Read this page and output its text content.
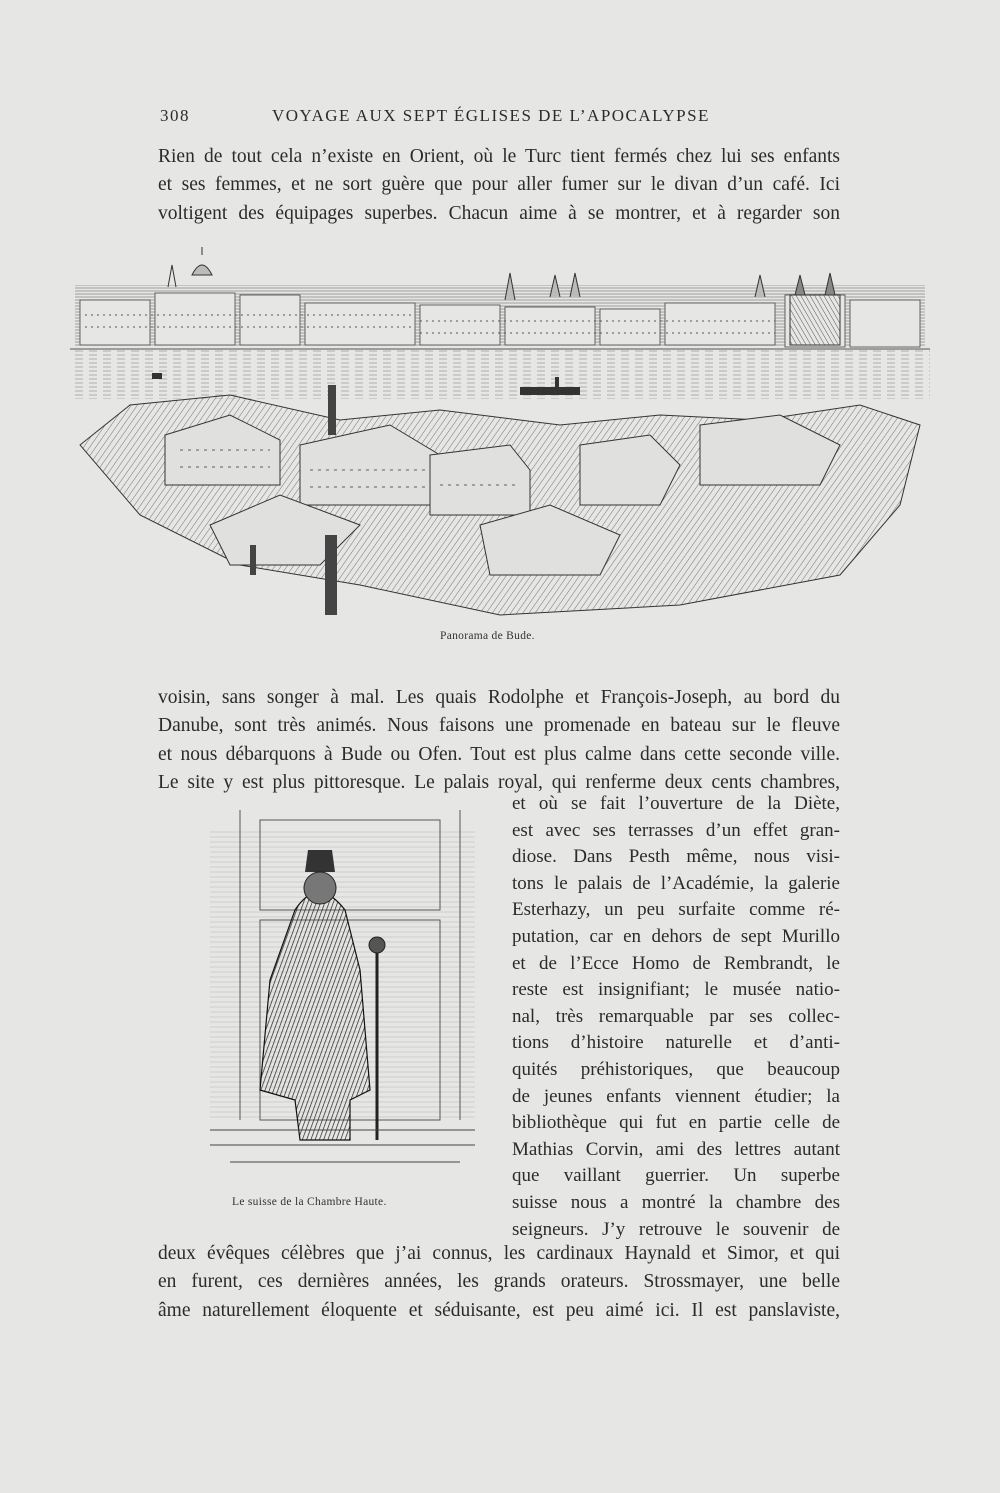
308	VOYAGE AUX SEPT ÉGLISES DE L’APOCALYPSE

Rien de tout cela n’existe en Orient, où le Turc tient fermés chez lui ses enfants
et ses femmes, et ne sort guère que pour aller fumer sur le divan d’un café. Ici
voltigent des équipages superbes. Chacun aime à se montrer, et à regarder son

Panorama de Bude.

voisin, sans songer à mal. Les quais Rodolphe et François-Joseph, au bord du
Danube, sont très animés. Nous faisons une promenade en bateau sur le fleuve
et nous débarquons à Bude ou Ofen. Tout est plus calme dans cette seconde ville.
Le site y est plus pittoresque. Le palais royal, qui renferme deux cents chambres,

Le suisse de la Chambre Haute.
et où se fait l’ouverture de la Diète,
est avec ses terrasses d’un effet gran-
diose. Dans Pesth même, nous visi-
tons le palais de l’Académie, la galerie
Esterhazy, un peu surfaite comme ré-
putation, car en dehors de sept Murillo
et de l’Ecce Homo de Rembrandt, le
reste est insignifiant; le musée natio-
nal, très remarquable par ses collec-
tions d’histoire naturelle et d’anti-
quités préhistoriques, que beaucoup
de jeunes enfants viennent étudier; la
bibliothèque qui fut en partie celle de
Mathias Corvin, ami des lettres autant
que vaillant guerrier. Un superbe
suisse nous a montré la chambre des
seigneurs. J’y retrouve le souvenir de

deux évêques célèbres que j’ai connus, les cardinaux Haynald et Simor, et qui
en furent, ces dernières années, les grands orateurs. Strossmayer, une belle
âme naturellement éloquente et séduisante, est peu aimé ici. Il est panslaviste,
